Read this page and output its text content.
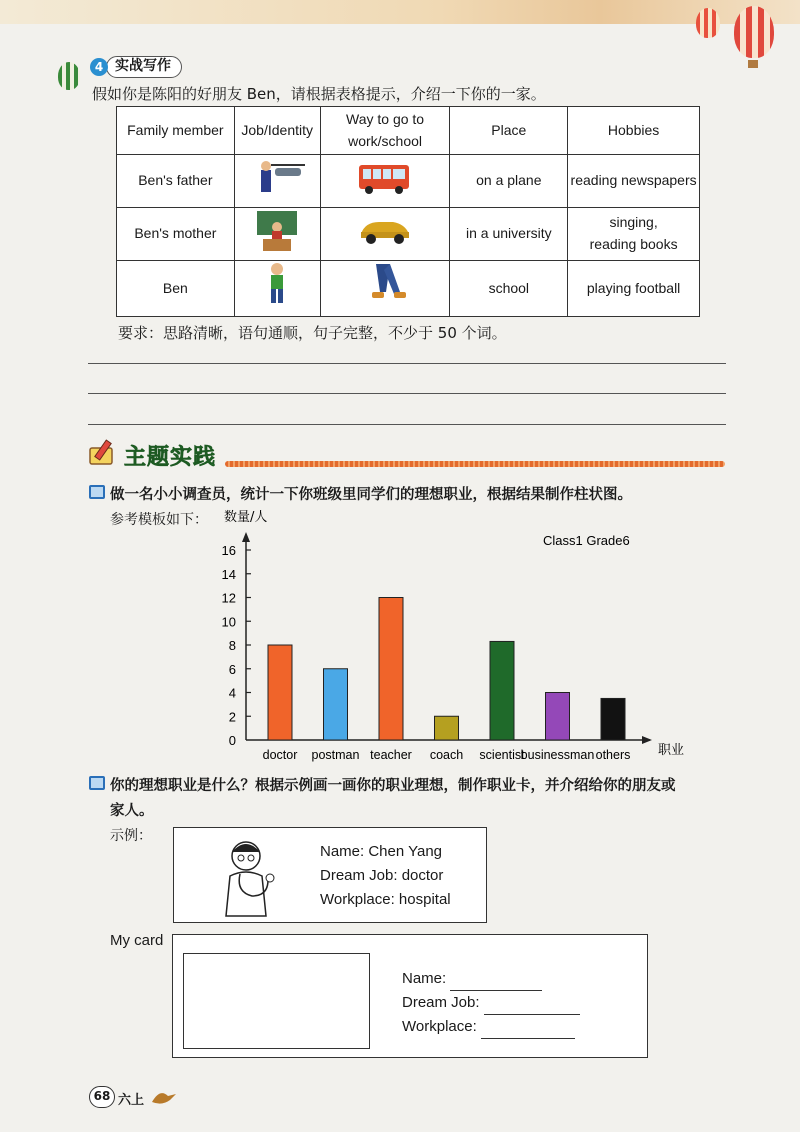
实战写作
4
假如你是陈阳的好朋友 Ben，请根据表格提示，介绍一下你的一家。
Family member	Job/Identity	Way to go to
work/school	Place	Hobbies
Ben's father			on a plane	reading newspapers
Ben's mother			in a university	singing,
reading books

Ben			school	playing football
要求：思路清晰，语句通顺，句子完整，不少于 50 个词。
主题实践
做一名小小调查员，统计一下你班级里同学们的理想职业，根据结果制作柱状图。
参考模板如下： 数量/人
Class1 Grade6
职业
0
2
4
6
8
10
12
14
16
doctor postman teacher coach scientist
businessman others
你的理想职业是什么？根据示例画一画你的职业理想，制作职业卡，并介绍给你的朋友或
家人。
示例：
Name: Chen Yang
Dream Job: doctor
Workplace: hospital
My card
Name:
Dream Job:
Workplace:
68 六上
